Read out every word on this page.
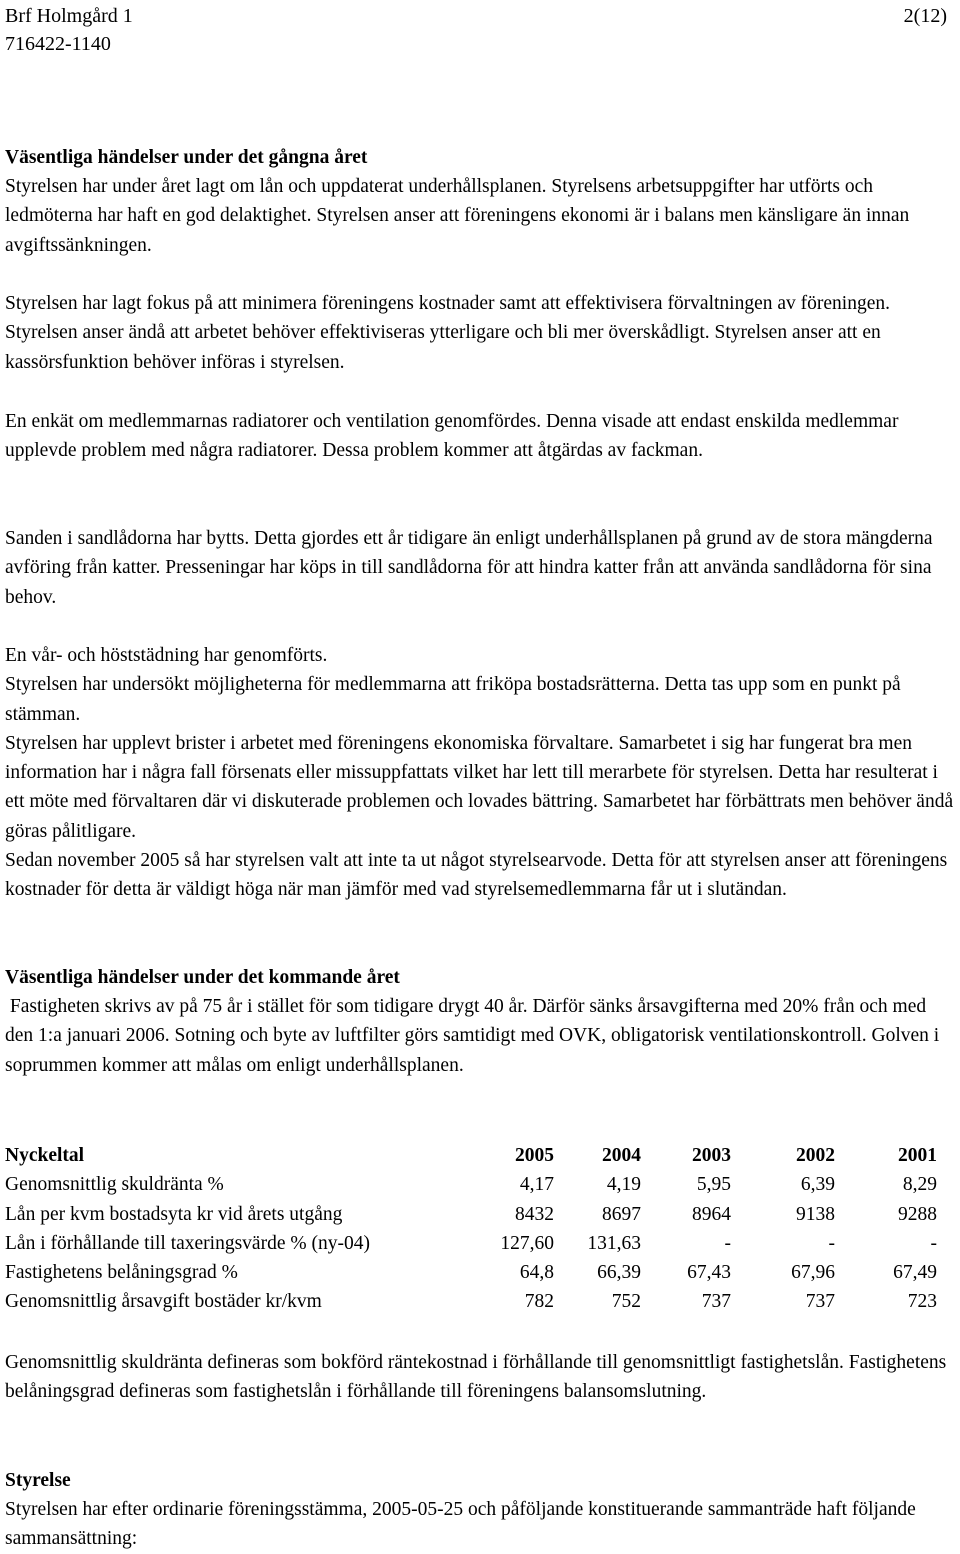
Brf Holmgård 1	2(12)
716422-1140
Väsentliga händelser under det gångna året

Styrelsen har under året lagt om lån och uppdaterat underhållsplanen. Styrelsens arbetsuppgifter har utförts och ledmöterna har haft en god delaktighet. Styrelsen anser att föreningens ekonomi är i balans men känsligare än innan avgiftssänkningen.

Styrelsen har lagt fokus på att minimera föreningens kostnader samt att effektivisera förvaltningen av föreningen. Styrelsen anser ändå att arbetet behöver effektiviseras ytterligare och bli mer överskådligt. Styrelsen anser att en kassörsfunktion behöver införas i styrelsen.

En enkät om medlemmarnas radiatorer och ventilation genomfördes. Denna visade att endast enskilda medlemmar upplevde problem med några radiatorer. Dessa problem kommer att åtgärdas av fackman.

Sanden i sandlådorna har bytts. Detta gjordes ett år tidigare än enligt underhållsplanen på grund av de stora mängderna avföring från katter. Presseningar har köps in till sandlådorna för att hindra katter från att använda sandlådorna för sina behov.

En vår- och höststädning har genomförts.
Styrelsen har undersökt möjligheterna för medlemmarna att friköpa bostadsrätterna. Detta tas upp som en punkt på stämman.
Styrelsen har upplevt brister i arbetet med föreningens ekonomiska förvaltare. Samarbetet i sig har fungerat bra men information har i några fall försenats eller missuppfattats vilket har lett till merarbete för styrelsen. Detta har resulterat i ett möte med förvaltaren där vi diskuterade problemen och lovades bättring. Samarbetet har förbättrats men behöver ändå göras pålitligare.
Sedan november 2005 så har styrelsen valt att inte ta ut något styrelsearvode. Detta för att styrelsen anser att föreningens kostnader för detta är väldigt höga när man jämför med vad styrelsemedlemmarna får ut i slutändan.
Väsentliga händelser under det kommande året

Fastigheten skrivs av på 75 år i stället för som tidigare drygt 40 år. Därför sänks årsavgifterna med 20% från och med den 1:a januari 2006. Sotning och byte av luftfilter görs samtidigt med OVK, obligatorisk ventilationskontroll. Golven i soprummen kommer att målas om enligt underhållsplanen.

Nyckeltal	2005	2004	2003	2002	2001
Genomsnittlig skuldränta %	4,17	4,19	5,95	6,39	8,29
Lån per kvm bostadsyta kr vid årets utgång	8432	8697	8964	9138	9288
Lån i förhållande till taxeringsvärde % (ny-04)	127,60	131,63	-	-	-
Fastighetens belåningsgrad %	64,8	66,39	67,43	67,96	67,49
Genomsnittlig årsavgift bostäder kr/kvm	782	752	737	737	723

Genomsnittlig skuldränta defineras som bokförd räntekostnad i förhållande till genomsnittligt fastighetslån. Fastighetens belåningsgrad defineras som fastighetslån i förhållande till föreningens balansomslutning.

Styrelse

Styrelsen har efter ordinarie föreningsstämma, 2005-05-25 och påföljande konstituerande sammanträde haft följande sammansättning:
